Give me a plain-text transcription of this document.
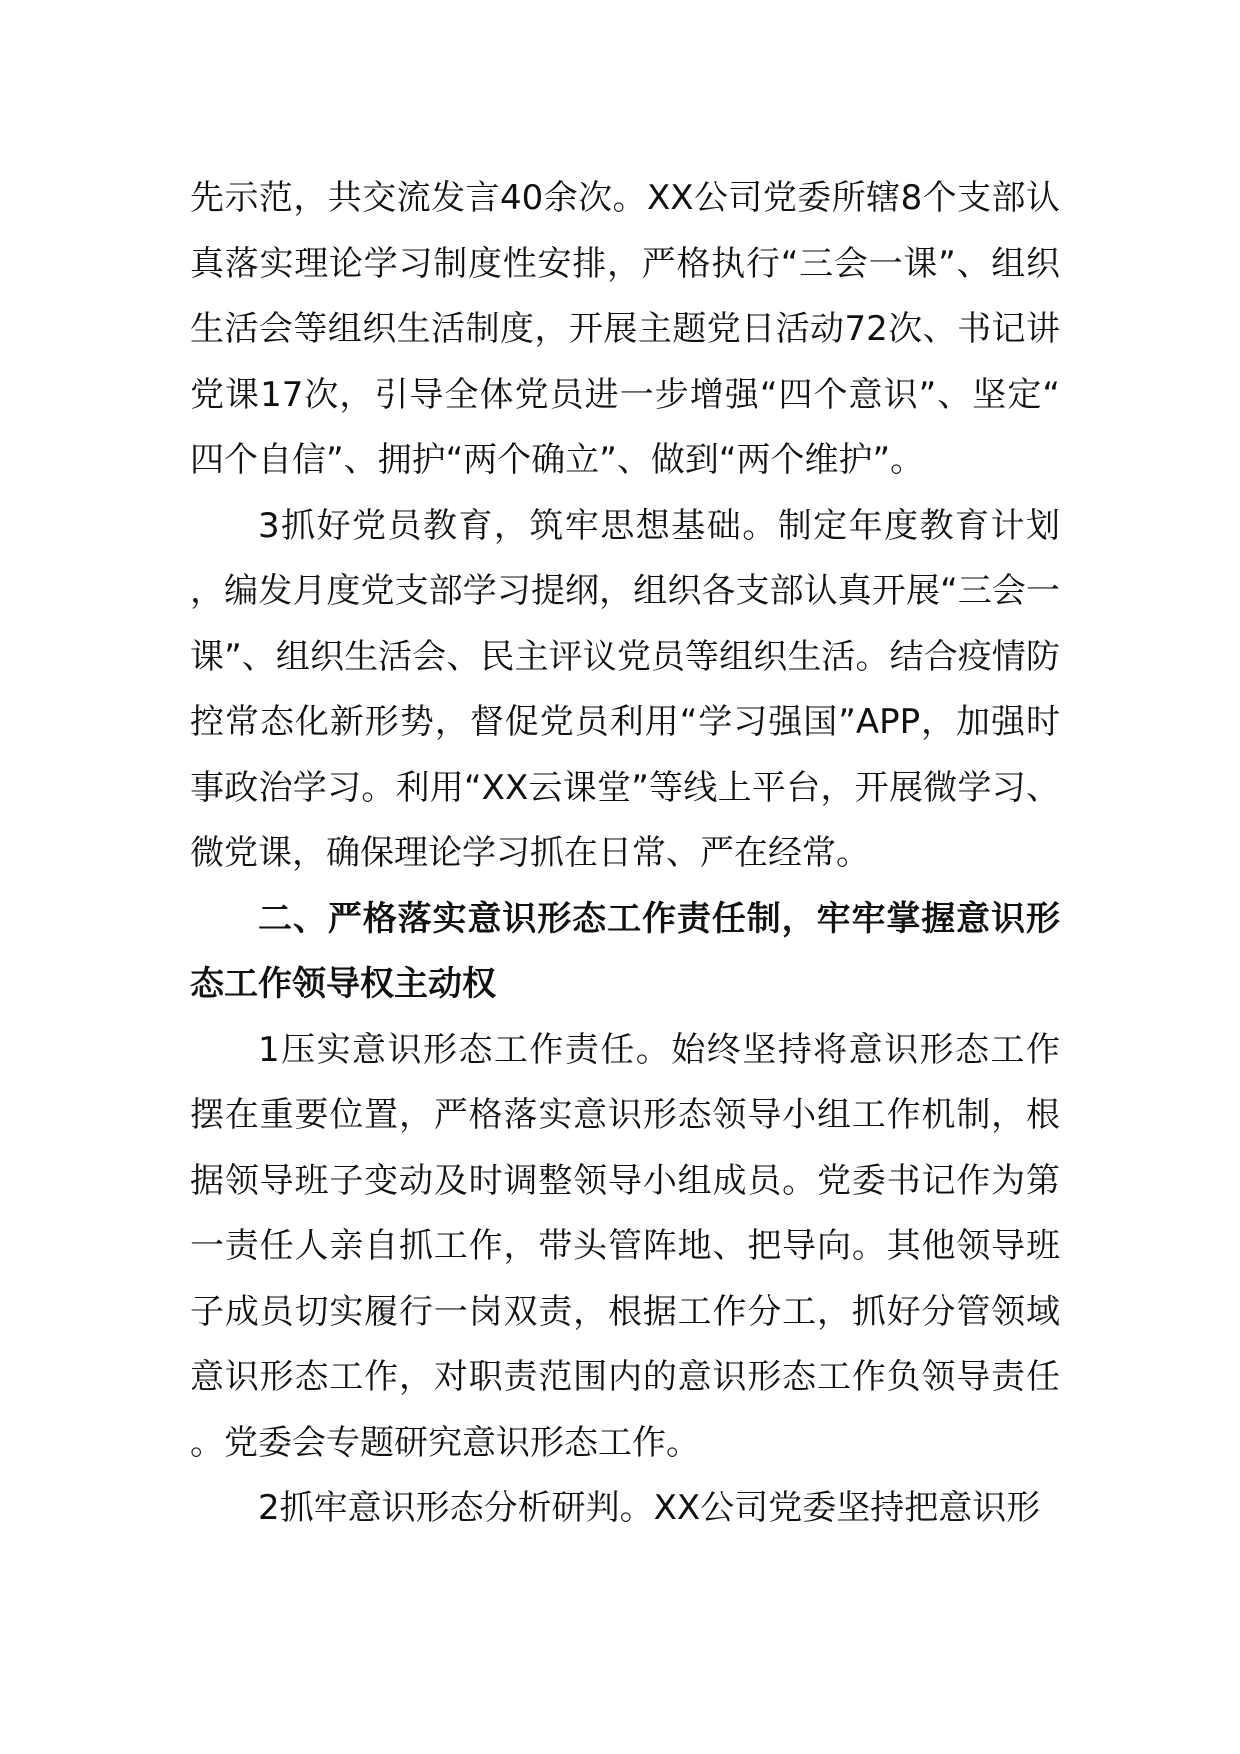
先示范，共交流发言40余次。XX公司党委所辖8个支部认真落实理论学习制度性安排，严格执行“三会一课”、组织生活会等组织生活制度，开展主题党日活动72次、书记讲党课17次，引导全体党员进一步增强“四个意识”、坚定“四个自信”、拥护“两个确立”、做到“两个维护”。

3抓好党员教育，筑牢思想基础。制定年度教育计划，编发月度党支部学习提纲，组织各支部认真开展“三会一课”、组织生活会、民主评议党员等组织生活。结合疫情防控常态化新形势，督促党员利用“学习强国”APP，加强时事政治学习。利用“XX云课堂”等线上平台，开展微学习、微党课，确保理论学习抓在日常、严在经常。

二、严格落实意识形态工作责任制，牢牢掌握意识形态工作领导权主动权

1压实意识形态工作责任。始终坚持将意识形态工作摆在重要位置，严格落实意识形态领导小组工作机制，根据领导班子变动及时调整领导小组成员。党委书记作为第一责任人亲自抓工作，带头管阵地、把导向。其他领导班子成员切实履行一岗双责，根据工作分工，抓好分管领域意识形态工作，对职责范围内的意识形态工作负领导责任。党委会专题研究意识形态工作。

2抓牢意识形态分析研判。XX公司党委坚持把意识形
